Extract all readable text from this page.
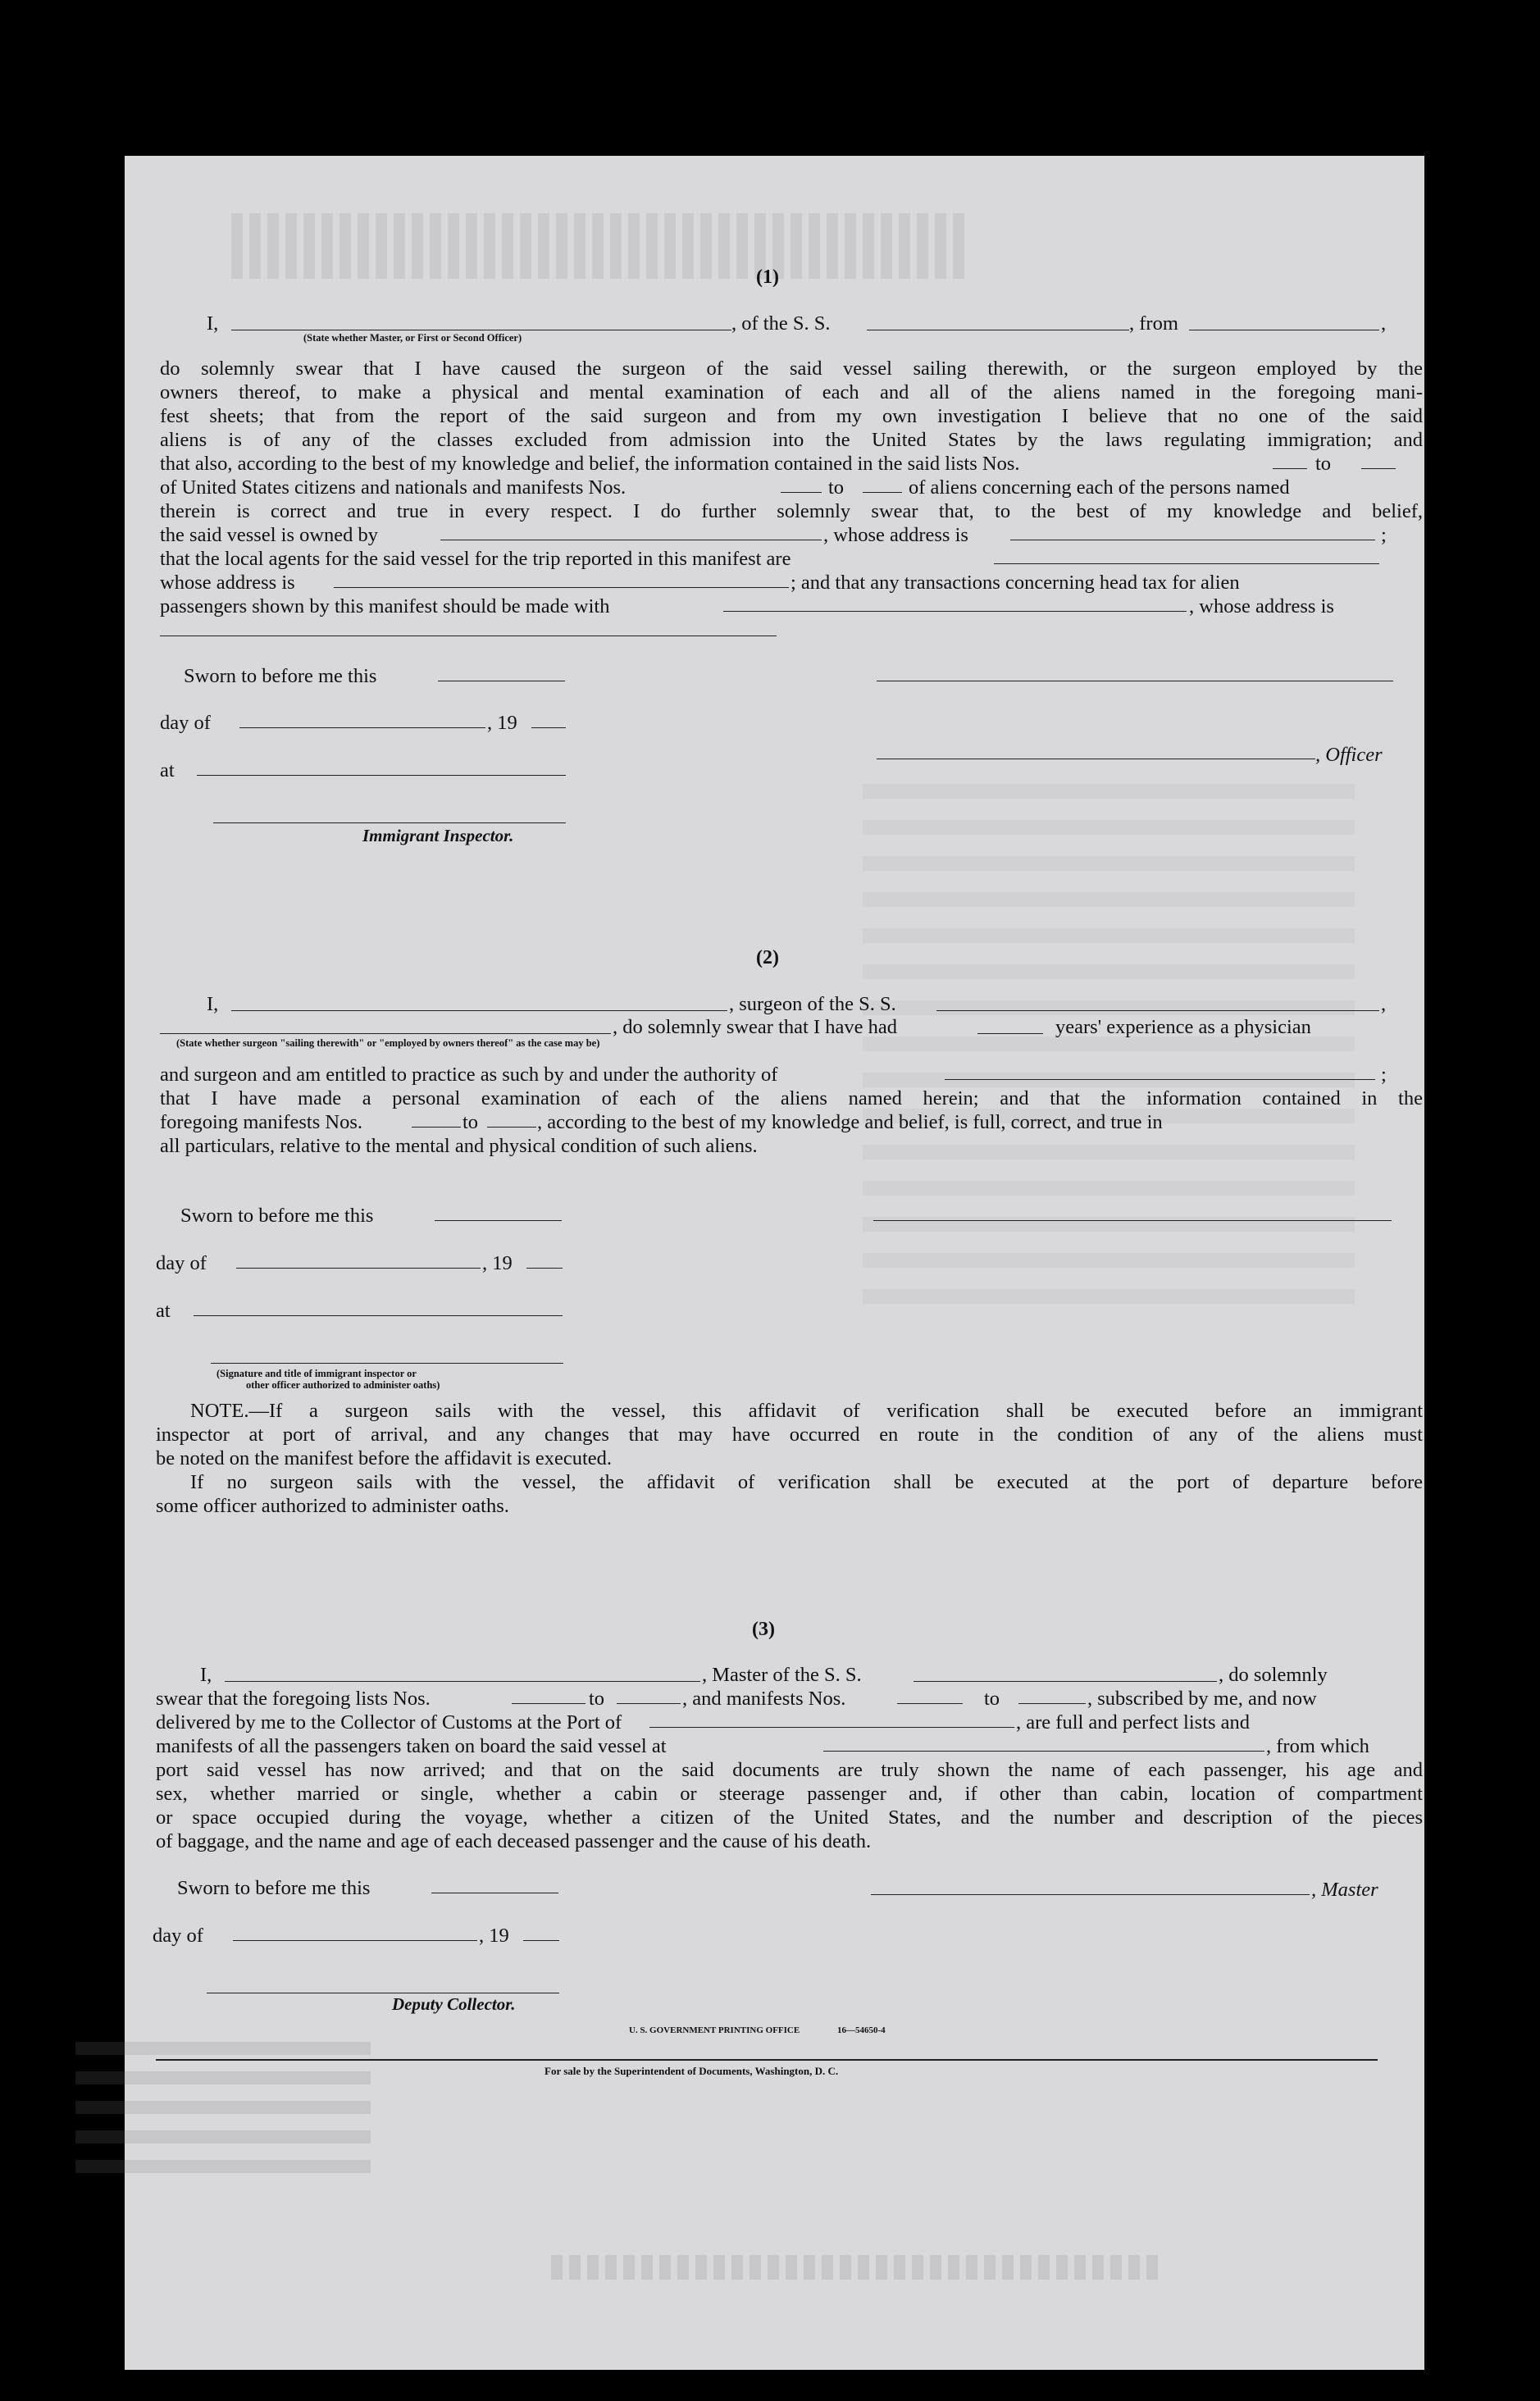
(1)
I,
(State whether Master, or First or Second Officer)
, of the S. S.	, from	,
do solemnly swear that I have caused the surgeon of the said vessel sailing therewith, or the surgeon employed by the
owners thereof, to make a physical and mental examination of each and all of the aliens named in the foregoing mani-
fest sheets; that from the report of the said surgeon and from my own investigation I believe that no one of the said
aliens is of any of the classes excluded from admission into the United States by the laws regulating immigration; and
that also, according to the best of my knowledge and belief, the information contained in the said lists Nos.	to
of United States citizens and nationals and manifests Nos.	to	of aliens concerning each of the persons named
therein is correct and true in every respect. I do further solemnly swear that, to the best of my knowledge and belief,
the said vessel is owned by	, whose address is	;
that the local agents for the said vessel for the trip reported in this manifest are
whose address is	; and that any transactions concerning head tax for alien
passengers shown by this manifest should be made with	, whose address is
Sworn to before me this
day of	, 19
, Officer
at
Immigrant Inspector.
(2)
I,	, surgeon of the S. S.	,
, do solemnly swear that I have had	years' experience as a physician
(State whether surgeon "sailing therewith" or "employed by owners thereof" as the case may be)
and surgeon and am entitled to practice as such by and under the authority of	;
that I have made a personal examination of each of the aliens named herein; and that the information contained in the
foregoing manifests Nos.	to	, according to the best of my knowledge and belief, is full, correct, and true in
all particulars, relative to the mental and physical condition of such aliens.
Sworn to before me this
day of	, 19
at
(Signature and title of immigrant inspector or
other officer authorized to administer oaths)
NOTE.—If a surgeon sails with the vessel, this affidavit of verification shall be executed before an immigrant
inspector at port of arrival, and any changes that may have occurred en route in the condition of any of the aliens must
be noted on the manifest before the affidavit is executed.
If no surgeon sails with the vessel, the affidavit of verification shall be executed at the port of departure before
some officer authorized to administer oaths.
(3)
I,	, Master of the S. S.	, do solemnly
swear that the foregoing lists Nos.	to	, and manifests Nos.	to	, subscribed by me, and now
delivered by me to the Collector of Customs at the Port of	, are full and perfect lists and
manifests of all the passengers taken on board the said vessel at	, from which
port said vessel has now arrived; and that on the said documents are truly shown the name of each passenger, his age and
sex, whether married or single, whether a cabin or steerage passenger and, if other than cabin, location of compartment
or space occupied during the voyage, whether a citizen of the United States, and the number and description of the pieces
of baggage, and the name and age of each deceased passenger and the cause of his death.
Sworn to before me this	, Master
day of	, 19
Deputy Collector.
U. S. GOVERNMENT PRINTING OFFICE	16—54650-4
For sale by the Superintendent of Documents, Washington, D. C.
